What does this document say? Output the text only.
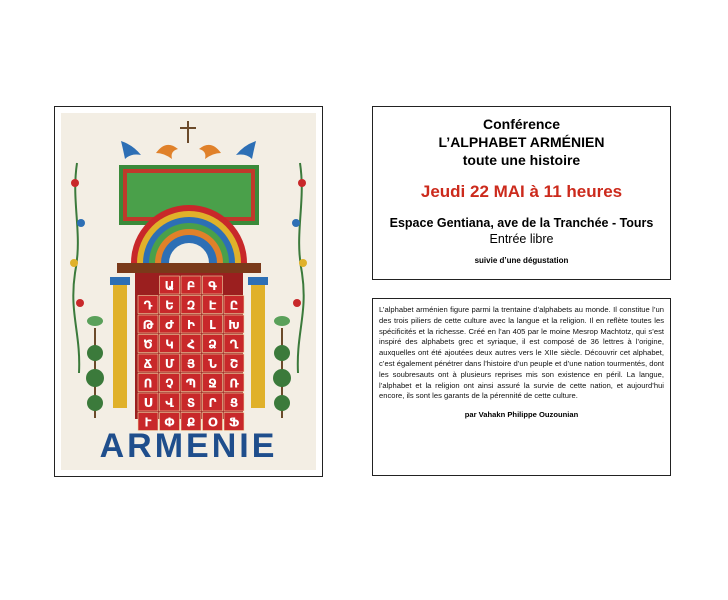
Ա Բ Գ
Դ Ե Զ Է Ը
Թ Ժ Ի Լ Խ
Ծ Կ Հ Ձ Ղ
Ճ Մ Յ Ն Շ
Ո Չ Պ Ջ Ռ
Ս Վ Տ Ր Ց
Ւ Փ Ք Օ Ֆ
ARMENIE
Conférence
L’ALPHABET ARMÉNIEN
toute une histoire
Jeudi 22 MAI à 11 heures
Espace Gentiana, ave de la Tranchée - Tours
Entrée libre
suivie d’une dégustation

L’alphabet arménien figure parmi la trentaine d’alphabets au monde. Il constitue l’un des trois piliers de cette culture avec la langue et la religion. Il en reflète toutes les spécificités et la richesse. Créé en l’an 405 par le moine Mesrop Machtotz, qui s’est inspiré des alphabets grec et syriaque, il est composé de 36 lettres à l’origine, auxquelles ont été ajoutées deux autres vers le XIIe siècle. Découvrir cet alphabet, c’est également pénétrer dans l’histoire d’un peuple et d’une nation tourmentés, dont les soubresauts ont à plusieurs reprises mis son existence en péril. La langue, l’alphabet et la religion ont ainsi assuré la survie de cette nation, et aujourd’hui encore, ils sont les garants de la pérennité de cette culture.

par Vahakn Philippe Ouzounian
